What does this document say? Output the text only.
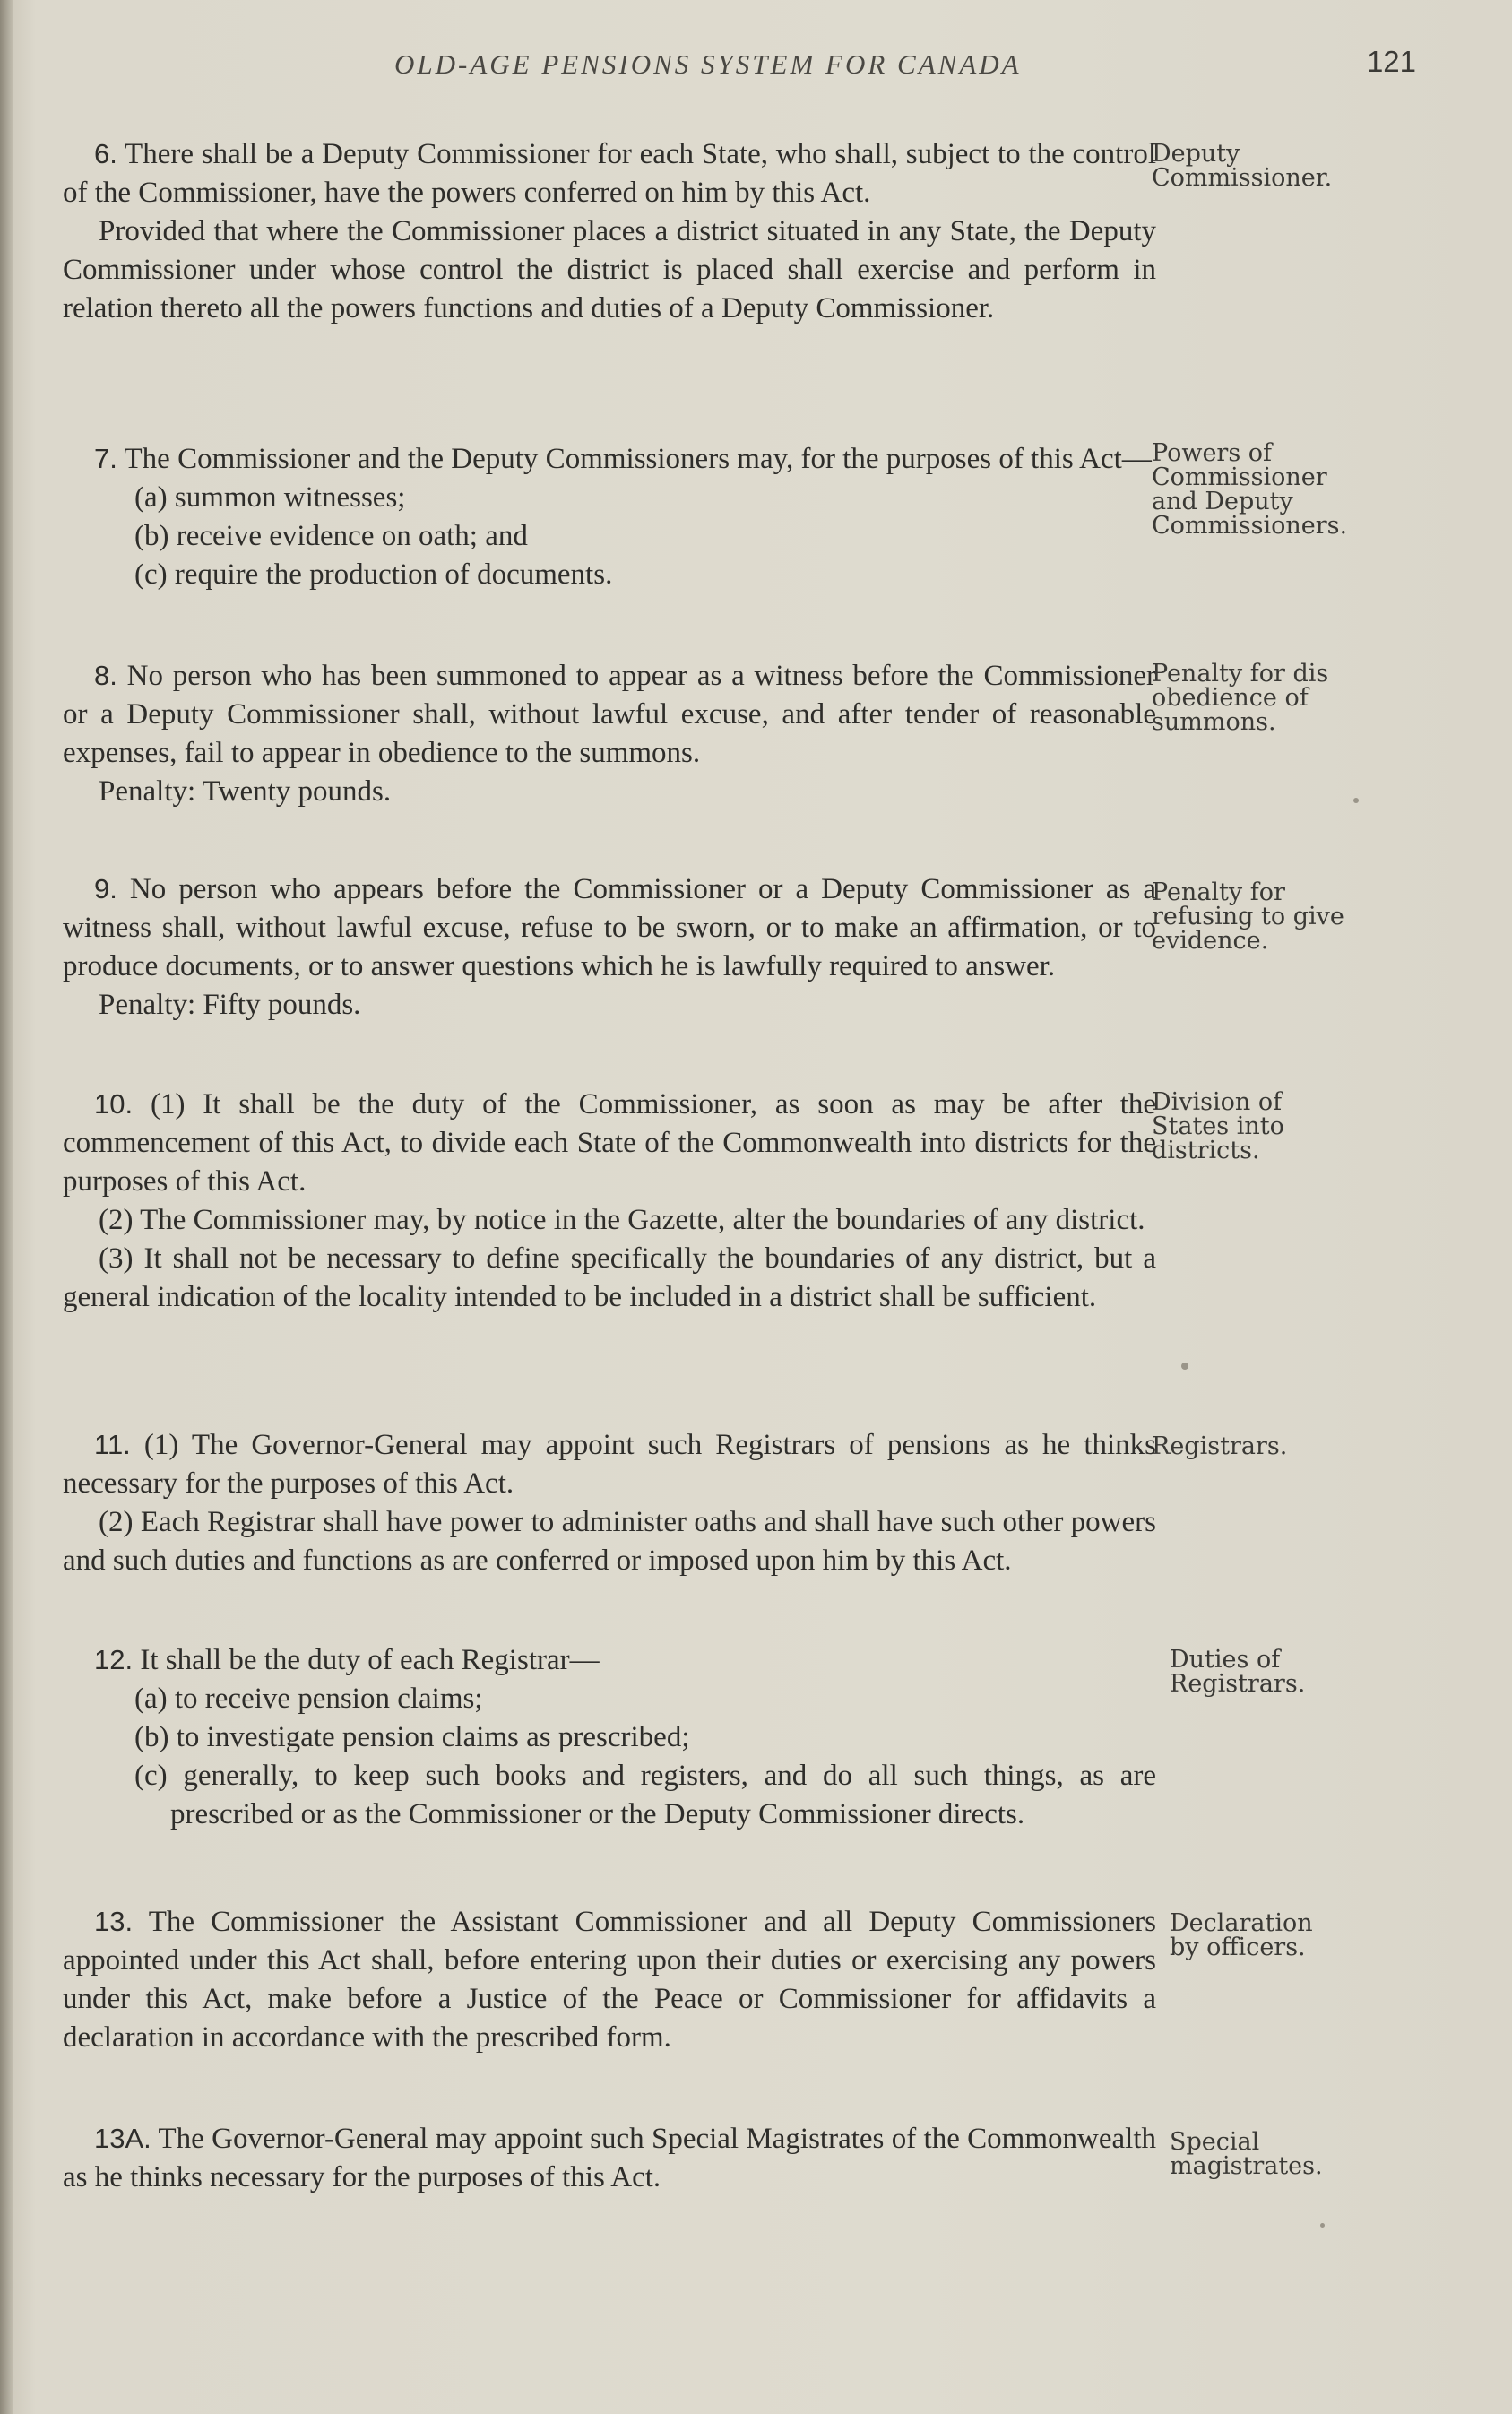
OLD-AGE PENSIONS SYSTEM FOR CANADA	121

6. There shall be a Deputy Commissioner for each State, who shall, subject to the control of the Commissioner, have the powers conferred on him by this Act.

Provided that where the Commissioner places a district situated in any State, the Deputy Commissioner under whose control the district is placed shall exercise and perform in relation thereto all the powers functions and duties of a Deputy Commissioner.

Deputy
Commissioner.

7. The Commissioner and the Deputy Commissioners may, for the purposes of this Act—

(a) summon witnesses;

(b) receive evidence on oath; and

(c) require the production of documents.

Powers of
Commissioner
and Deputy
Commissioners.

8. No person who has been summoned to appear as a witness before the Commissioner or a Deputy Commissioner shall, without lawful excuse, and after tender of reasonable expenses, fail to appear in obedience to the summons.

Penalty: Twenty pounds.

Penalty for dis
obedience of
summons.

9. No person who appears before the Commissioner or a Deputy Commissioner as a witness shall, without lawful excuse, refuse to be sworn, or to make an affirmation, or to produce documents, or to answer questions which he is lawfully required to answer.

Penalty: Fifty pounds.

Penalty for
refusing to give
evidence.

10. (1) It shall be the duty of the Commissioner, as soon as may be after the commencement of this Act, to divide each State of the Commonwealth into districts for the purposes of this Act.

(2) The Commissioner may, by notice in the Gazette, alter the boundaries of any district.

(3) It shall not be necessary to define specifically the boundaries of any district, but a general indication of the locality intended to be included in a district shall be sufficient.

Division of
States into
districts.

11. (1) The Governor-General may appoint such Registrars of pensions as he thinks necessary for the purposes of this Act.

(2) Each Registrar shall have power to administer oaths and shall have such other powers and such duties and functions as are conferred or imposed upon him by this Act.

Registrars.

12. It shall be the duty of each Registrar—

(a) to receive pension claims;

(b) to investigate pension claims as prescribed;

(c) generally, to keep such books and registers, and do all such things, as are prescribed or as the Commissioner or the Deputy Commissioner directs.

Duties of
Registrars.

13. The Commissioner the Assistant Commissioner and all Deputy Commissioners appointed under this Act shall, before entering upon their duties or exercising any powers under this Act, make before a Justice of the Peace or Commissioner for affidavits a declaration in accordance with the prescribed form.

Declaration
by officers.

13A. The Governor-General may appoint such Special Magistrates of the Commonwealth as he thinks necessary for the purposes of this Act.

Special
magistrates.
